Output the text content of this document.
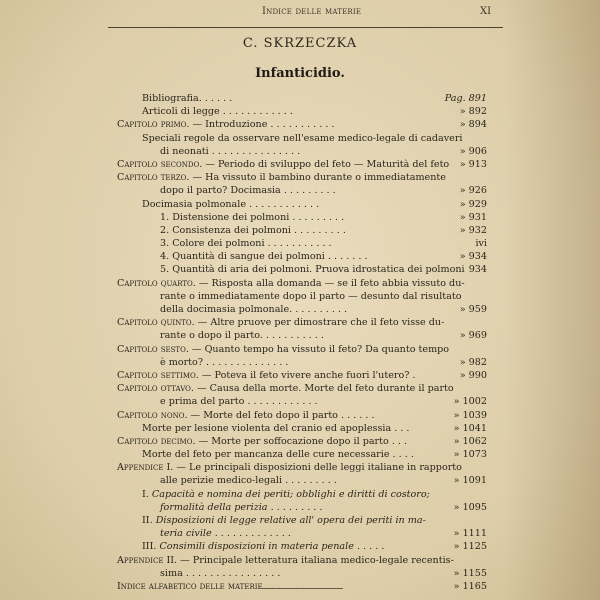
Indice delle materie	XI
C. SKRZECZKA
Infanticidio.
Bibliografia. . . . . .	Pag. 891
Articoli di legge . . . . . . . . . . . .	» 892
Capitolo primo. — Introduzione . . . . . . . . . . .	» 894
Speciali regole da osservare nell'esame medico-legale di cadaveri
di neonati . . . . . . . . . . . . . . .	» 906
Capitolo secondo. — Periodo di sviluppo del feto — Maturità del feto » 913
Capitolo terzo. — Ha vissuto il bambino durante o immediatamente
dopo il parto? Docimasia . . . . . . . . .	» 926
Docimasia polmonale . . . . . . . . . . . .	» 929
1. Distensione dei polmoni . . . . . . . . .	» 931
2. Consistenza dei polmoni . . . . . . . . .	» 932
3. Colore dei polmoni . . . . . . . . . . .	ivi
4. Quantità di sangue dei polmoni . . . . . . .	» 934
5. Quantità di aria dei polmoni. Pruova idrostatica dei polmoni 934
Capitolo quarto. — Risposta alla domanda — se il feto abbia vissuto du-
rante o immediatamente dopo il parto — desunto dal risultato
della docimasia polmonale. . . . . . . . . .	» 959
Capitolo quinto. — Altre pruove per dimostrare che il feto visse du-
rante o dopo il parto. . . . . . . . . . .	» 969
Capitolo sesto. — Quanto tempo ha vissuto il feto? Da quanto tempo
è morto? . . . . . . . . . . . . . .	» 982
Capitolo settimo. — Poteva il feto vivere anche fuori l'utero? .	» 990
Capitolo ottavo. — Causa della morte. Morte del feto durante il parto
e prima del parto . . . . . . . . . . . .	» 1002
Capitolo nono. — Morte del feto dopo il parto . . . . . .	» 1039
Morte per lesione violenta del cranio ed apoplessia . . .	» 1041
Capitolo decimo. — Morte per soffocazione dopo il parto . . .	» 1062
Morte del feto per mancanza delle cure necessarie . . . .	» 1073
Appendice I. — Le principali disposizioni delle leggi italiane in rapporto
alle perizie medico-legali . . . . . . . . .	» 1091
I. Capacità e nomina dei periti; obblighi e diritti di costoro;
formalità della perizia . . . . . . . . .	» 1095
II. Disposizioni di legge relative all' opera dei periti in ma-
teria civile . . . . . . . . . . . . .	» 1111
III. Consimili disposizioni in materia penale . . . . .	» 1125
Appendice II. — Principale letteratura italiana medico-legale recentis-
sima . . . . . . . . . . . . . . . .	» 1155
Indice alfabetico delle materie . . . . . . . . .	» 1165
